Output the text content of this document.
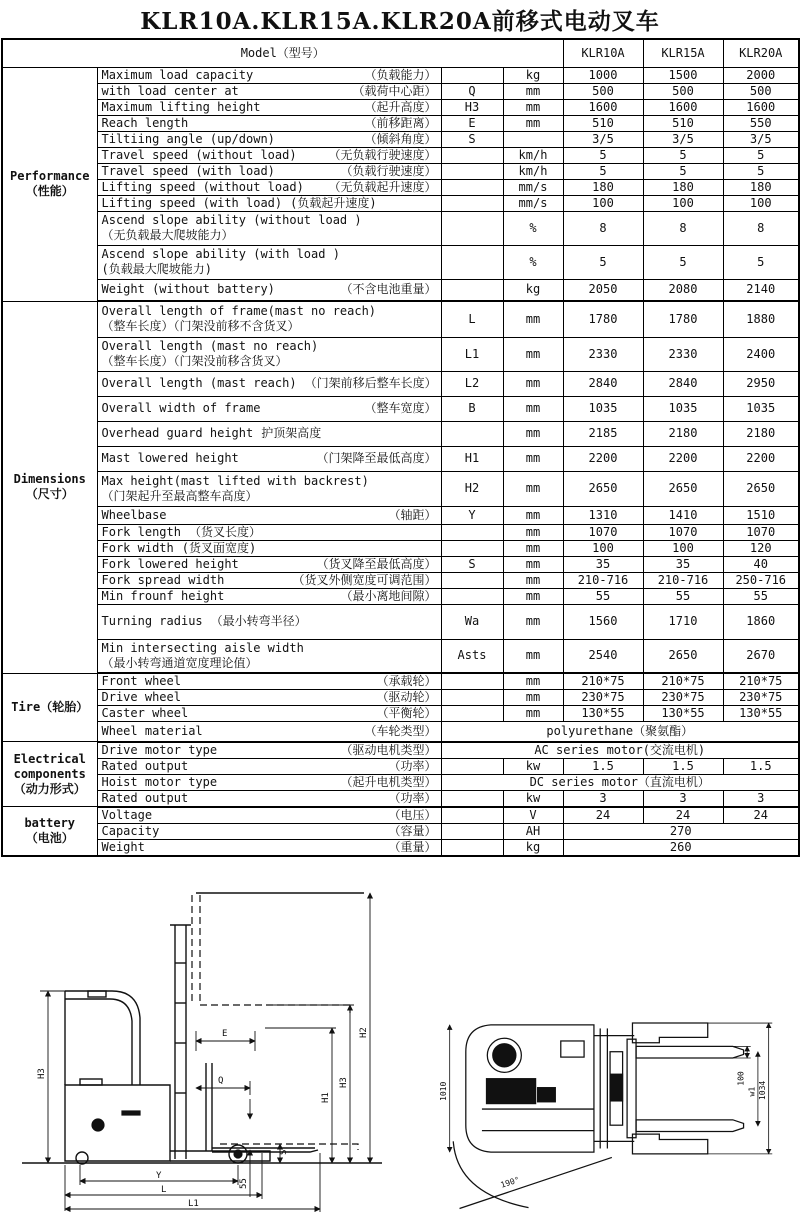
KLR10A.KLR15A.KLR20A前移式电动叉车
Model（型号）				KLR10A	KLR15A	KLR20A

Performance
（性能）

Maximum load capacity	（负载能力）		kg	1000	1500	2000

	with load center at （载荷中心距）	Q	mm	500	500	500

	Maximum lifting height （起升高度）	H3	mm	1600	1600	1600

	Reach length （前移距离）	E	mm	510	510	550

	Tiltiing angle (up/down) （倾斜角度）	S		3/5	3/5	3/5

	Travel speed (without load) （无负载行驶速度）		km/h	5	5	5

	Travel speed (with load) （负载行驶速度）		km/h	5	5	5

	Lifting speed (without load) （无负载起升速度）		mm/s	180	180	180

	Lifting speed (with load) (负载起升速度)		mm/s	100	100	100

	Ascend slope ability (without load )
（无负载最大爬坡能力）		%	8	8	8

	Ascend slope ability (with load )
(负载最大爬坡能力)		%	5	5	5

	Weight (without battery) （不含电池重量）		kg	2050	2080	2140

Dimensions
（尺寸）

Overall length of frame(mast no reach)
（整车长度）（门架没前移不含货叉）
	L	mm	1780	1780	1880

	Overall length (mast no reach)
（整车长度）（门架没前移含货叉）	L1	mm	2330	2330	2400

	Overall length (mast reach) （门架前移后整车长度）	L2	mm	2840	2840	2950

	Overall width of frame （整车宽度）	B	mm	1035	1035	1035

	Overhead guard height 护顶架高度		mm	2185	2180	2180

	Mast lowered height （门架降至最低高度）	H1	mm	2200	2200	2200

	Max height(mast lifted with backrest)
（门架起升至最高整车高度）	H2	mm	2650	2650	2650

	Wheelbase （轴距）	Y	mm	1310	1410	1510

	Fork length （货叉长度）		mm	1070	1070	1070

	Fork width (货叉面宽度)		mm	100	100	120

	Fork lowered height （货叉降至最低高度）	S	mm	35	35	40

	Fork spread width （货叉外侧宽度可调范围）		mm	210-716	210-716	250-716

	Min frounf height （最小离地间隙）		mm	55	55	55

	Turning radius （最小转弯半径）	Wa	mm	1560	1710	1860

	Min intersecting aisle width
（最小转弯通道宽度理论值）	Asts	mm	2540	2650	2670

Tire（轮胎）	Front wheel （承载轮）		mm	210*75	210*75	210*75

	Drive wheel （驱动轮）		mm	230*75	230*75	230*75

	Caster wheel （平衡轮）		mm	130*55	130*55	130*55

	Wheel material （车轮类型）	polyurethane（聚氨酯）				

Electrical
components
（动力形式）

Drive motor type	（驱动电机类型）	AC series motor(交流电机)

	Rated output （功率）		kw	1.5	1.5	1.5

	Hoist motor type （起升电机类型）	DC series motor（直流电机）				

	Rated output （功率）		kw	3	3	3

battery
（电池）

Voltage	（电压）		V	24	24	24

	Capacity （容量）		AH	270		

	Weight （重量）		kg	260		
H3
E
Q
S
55
Y
L
L1
H1
H3
H2
190°
1010
100
w1 1034
